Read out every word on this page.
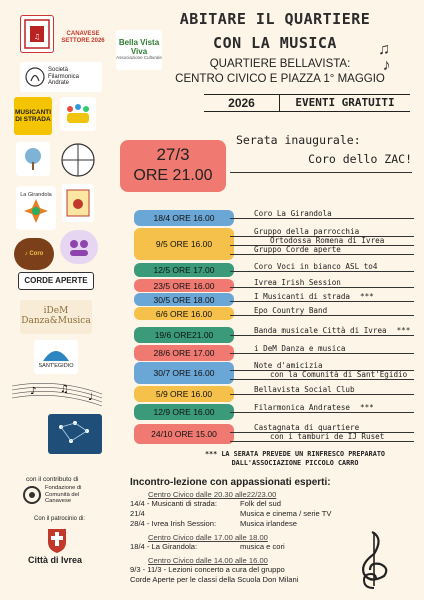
♫	CANAVESE SETTORE 2026
Società Filarmonica Andrate
MUSICANTI DI STRADA
La Girandola
♪ Coro
CORDE APERTE
iDeM Danza&Musica
SANT'EGIDIO
♪ ♫
♩
con il contributo di
Fondazione di Comunità del Canavese
Con il patrocinio di:
Città di Ivrea
Bella Vista Viva
Associazione Culturale
ABITARE IL QUARTIERE
CON LA MUSICA	♫
♪
QUARTIERE BELLAVISTA:
CENTRO CIVICO E PIAZZA 1° MAGGIO
2026	EVENTI GRATUITI
27/3
ORE 21.00
Serata inaugurale:
Coro dello ZAC!
18/4 ORE 16.00	Coro La Girandola
9/5 ORE 16.00
Gruppo della parrocchia
Ortodossa Romena di Ivrea
Gruppo Corde aperte
12/5 ORE 17.00	Coro Voci in bianco ASL to4
23/5 ORE 16.00	Ivrea Irish Session
30/5 ORE 18.00	I Musicanti di strada ***
6/6 ORE 16.00	Epo Country Band
19/6 ORE21.00	Banda musicale Città di Ivrea ***
28/6 ORE 17.00	i DeM Danza e musica
30/7 ORE 16.00
Note d'amicizia
con la Comunità di Sant'Egidio
5/9 ORE 16.00	Bellavista Social Club
12/9 ORE 16.00	Filarmonica Andratese ***
24/10 ORE 15.00
Castagnata di quartiere
con i tamburi de IJ Ruset
*** LA SERATA PREVEDE UN RINFRESCO PREPARATO
DALL'ASSOCIAZIONE PICCOLO CARRO
Incontro-lezione con appassionati esperti:
Centro Civico dalle 20.30 alle22/23.00
14/4 - Musicanti di strada:	Folk del sud
21/4	Musica e cinema / serie TV
28/4 - Ivrea Irish Session:	Musica irlandese
Centro Civico dalle 17.00 alle 18.00
18/4 - La Girandola:	musica e cori
Centro Civico dalle 14.00 alle 16.00
9/3 - 11/3 - Lezioni concerto a cura del gruppo
Corde Aperte per le classi della Scuola Don Milani
